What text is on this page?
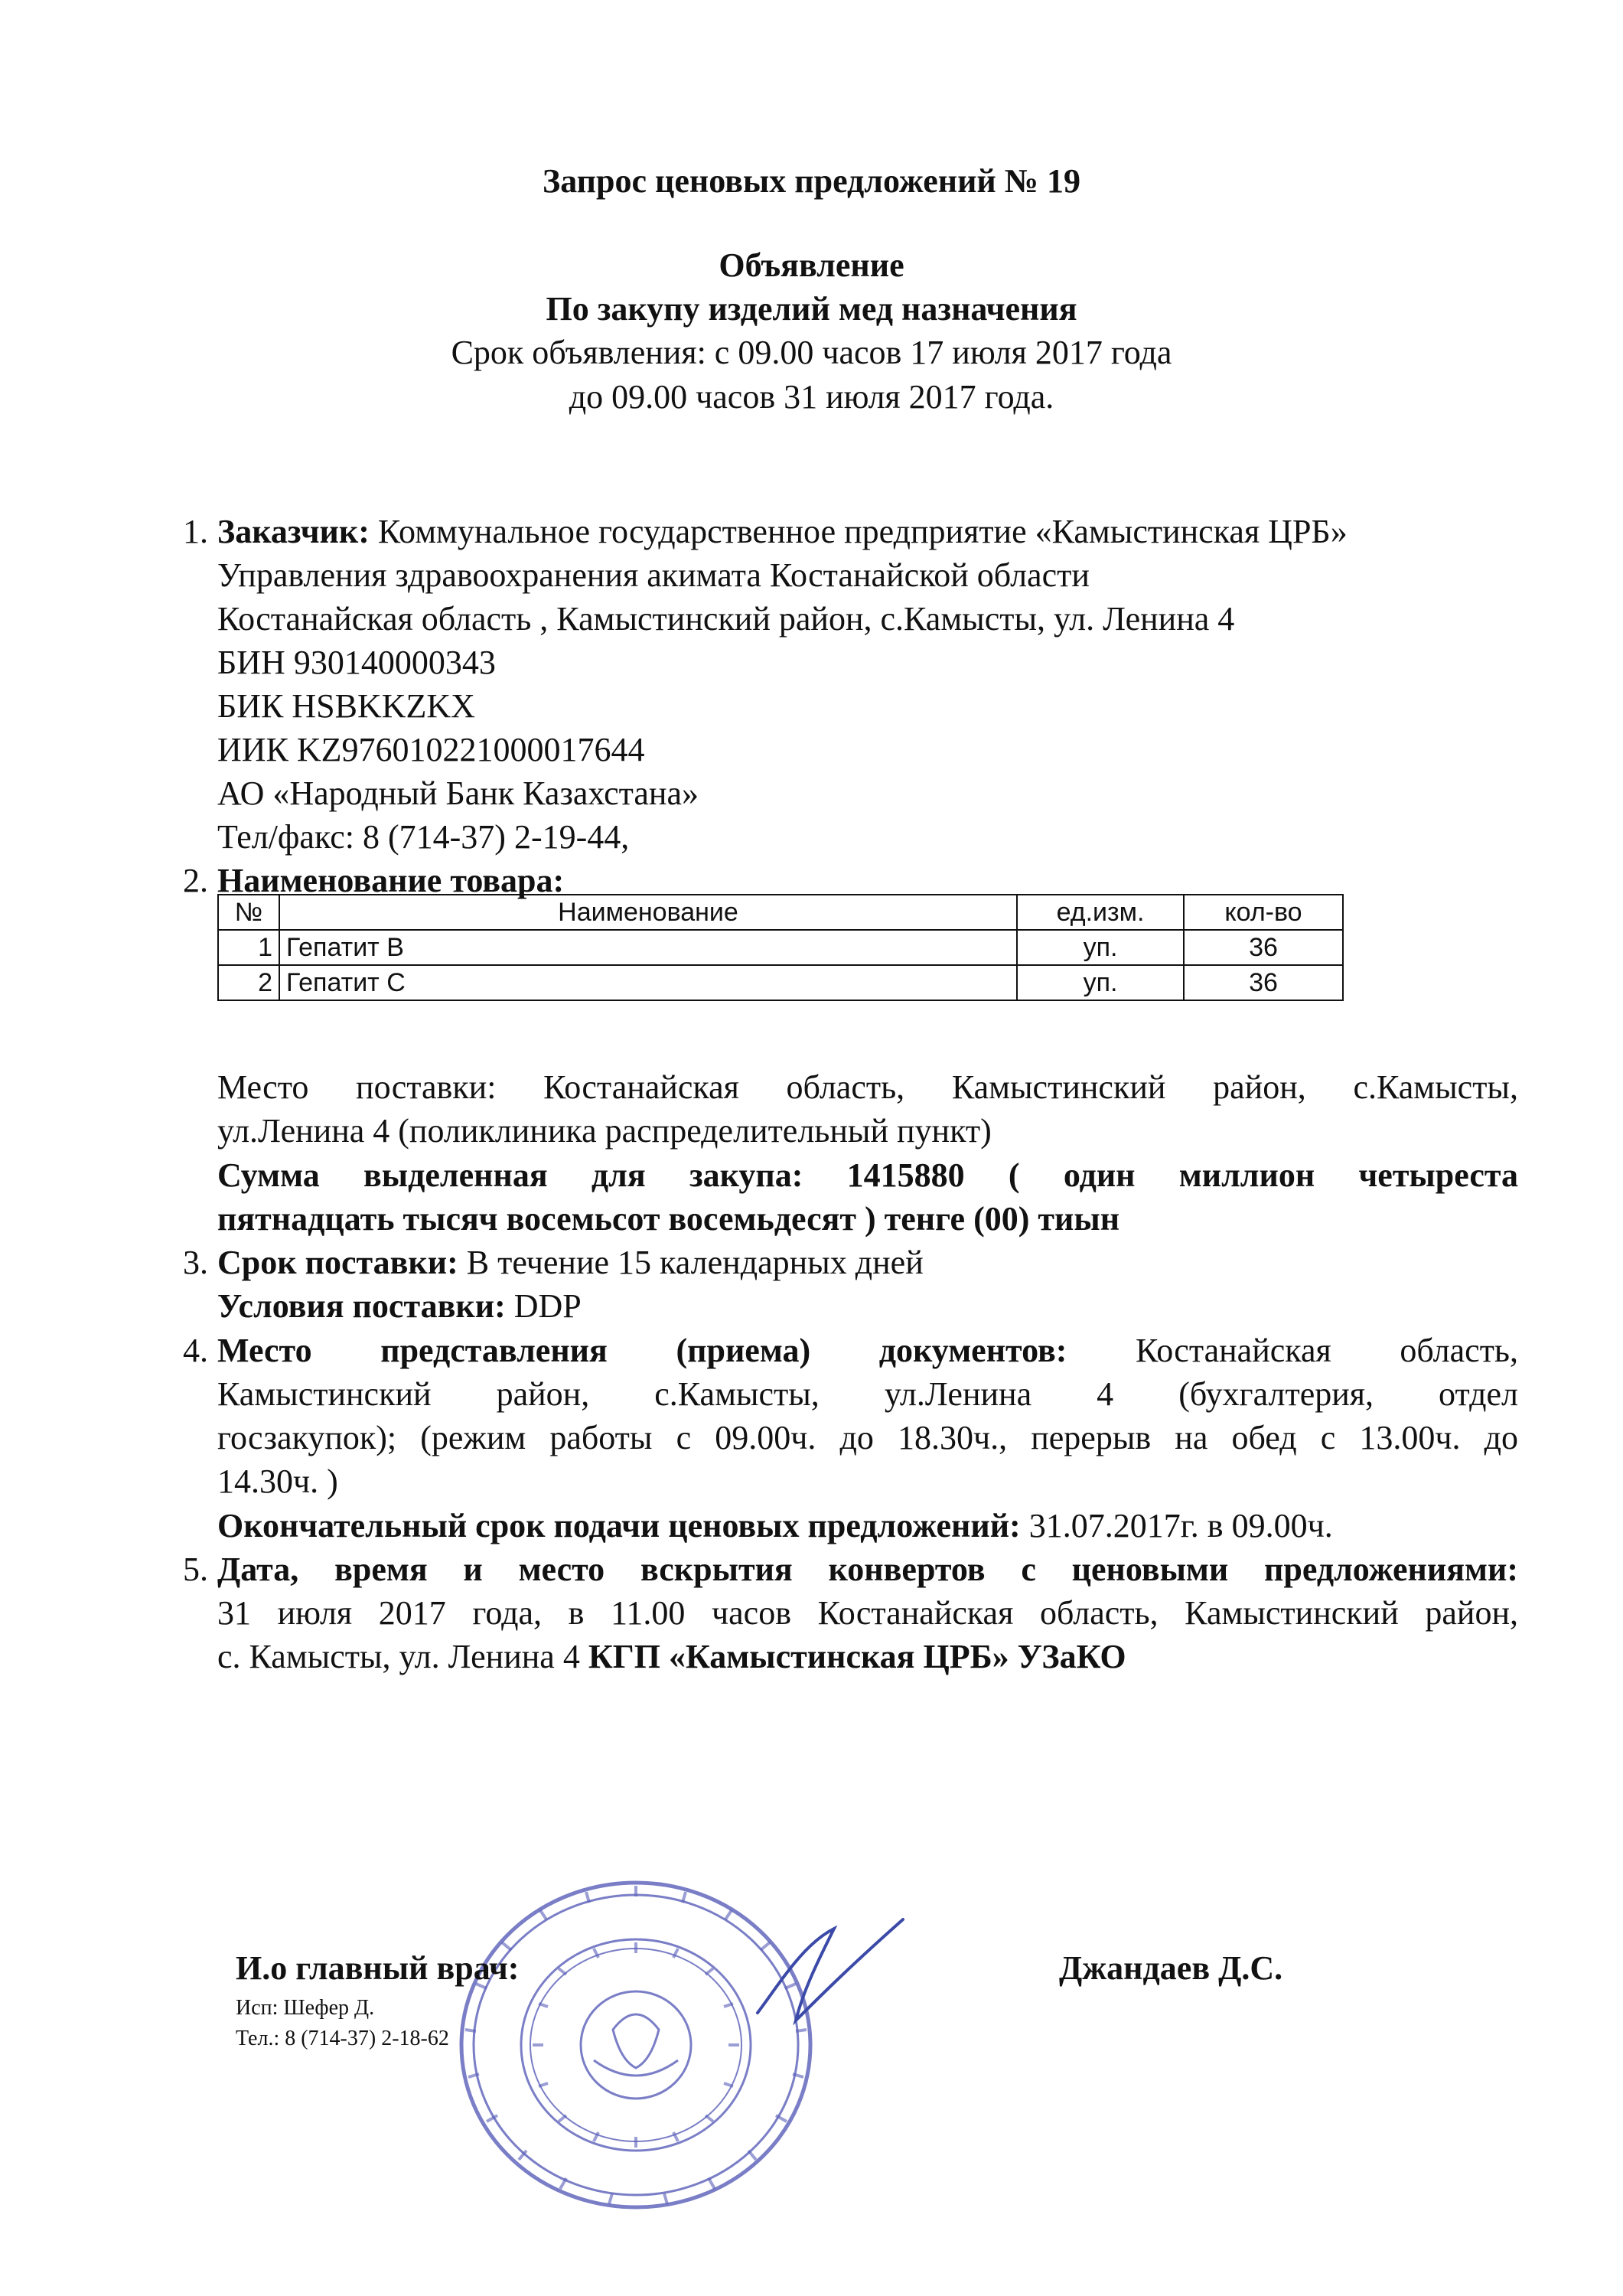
Запрос ценовых предложений № 19
Объявление
По закупу изделий мед назначения
Срок объявления: с 09.00 часов 17 июля 2017 года
до 09.00 часов 31 июля 2017 года.
1. Заказчик: Коммунальное государственное предприятие «Камыстинская ЦРБ»
Управления здравоохранения акимата Костанайской области
Костанайская область , Камыстинский район, с.Камысты, ул. Ленина 4
БИН 930140000343
БИК HSBKKZKX
ИИК KZ976010221000017644
АО «Народный Банк Казахстана»
Тел/факс: 8 (714-37) 2-19-44,
2. Наименование товара:
№	Наименование	ед.изм.	кол-во
1	Гепатит В	уп.	36
2	Гепатит С	уп.	36
Место поставки: Костанайская область, Камыстинский район, с.Камысты,
ул.Ленина 4 (поликлиника распределительный пункт)
Сумма выделенная для закупа: 1415880 ( один миллион четыреста
пятнадцать тысяч восемьсот восемьдесят ) тенге (00) тиын
3. Срок поставки: В течение 15 календарных дней
Условия поставки: DDP
4. Место представления (приема) документов: Костанайская область,
Камыстинский район, с.Камысты, ул.Ленина 4 (бухгалтерия, отдел
госзакупок); (режим работы с 09.00ч. до 18.30ч., перерыв на обед с 13.00ч. до
14.30ч. )
Окончательный срок подачи ценовых предложений: 31.07.2017г. в 09.00ч.
5. Дата, время и место вскрытия конвертов с ценовыми предложениями:
31 июля 2017 года, в 11.00 часов Костанайская область, Камыстинский район,
с. Камысты, ул. Ленина 4 КГП «Камыстинская ЦРБ» УЗаКО
И.о главный врач:	Джандаев Д.С.
Исп: Шефер Д.
Тел.: 8 (714-37) 2-18-62
